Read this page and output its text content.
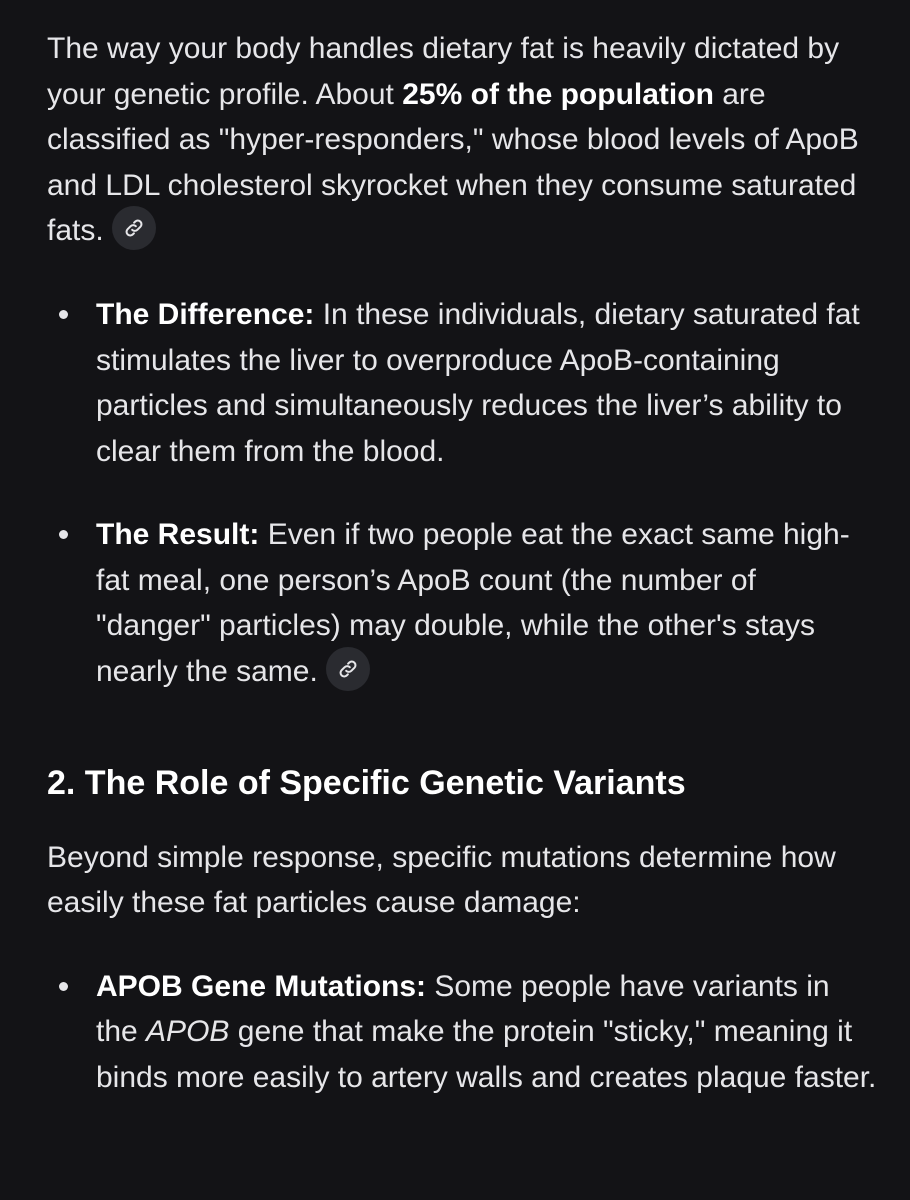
The way your body handles dietary fat is heavily dictated by your genetic profile. About 25% of the population are classified as "hyper-responders," whose blood levels of ApoB and LDL cholesterol skyrocket when they consume saturated fats.

The Difference: In these individuals, dietary saturated fat stimulates the liver to overproduce ApoB-containing particles and simultaneously reduces the liver’s ability to clear them from the blood.
The Result: Even if two people eat the exact same high-fat meal, one person’s ApoB count (the number of "danger" particles) may double, while the other's stays nearly the same.
2. The Role of Specific Genetic Variants

Beyond simple response, specific mutations determine how easily these fat particles cause damage:

APOB Gene Mutations: Some people have variants in the APOB gene that make the protein "sticky," meaning it binds more easily to artery walls and creates plaque faster.
